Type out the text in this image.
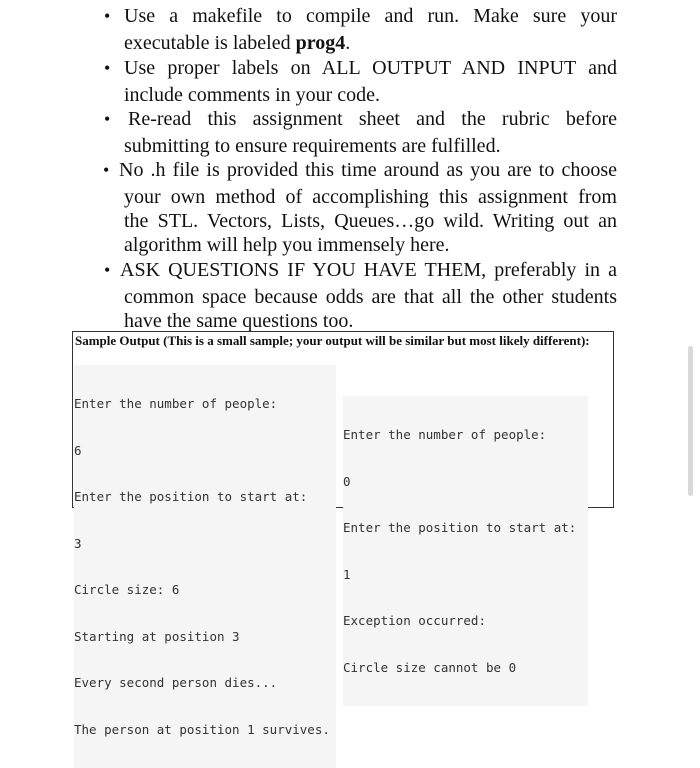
• Use a makefile to compile and run. Make sure your
executable is labeled prog4.
• Use proper labels on ALL OUTPUT AND INPUT and
include comments in your code.
• Re-read this assignment sheet and the rubric before
submitting to ensure requirements are fulfilled.
• No .h file is provided this time around as you are to choose
your own method of accomplishing this assignment from
the STL. Vectors, Lists, Queues…go wild. Writing out an
algorithm will help you immensely here.
• ASK QUESTIONS IF YOU HAVE THEM, preferably in a
common space because odds are that all the other students
have the same questions too.
Sample Output (This is a small sample; your output will be similar but most likely different):

Enter the number of people:

6

Enter the position to start at:

3

Circle size: 6

Starting at position 3

Every second person dies...

The person at position 1 survives.

Enter the number of people:

0

Enter the position to start at:

1

Exception occurred:

Circle size cannot be 0
